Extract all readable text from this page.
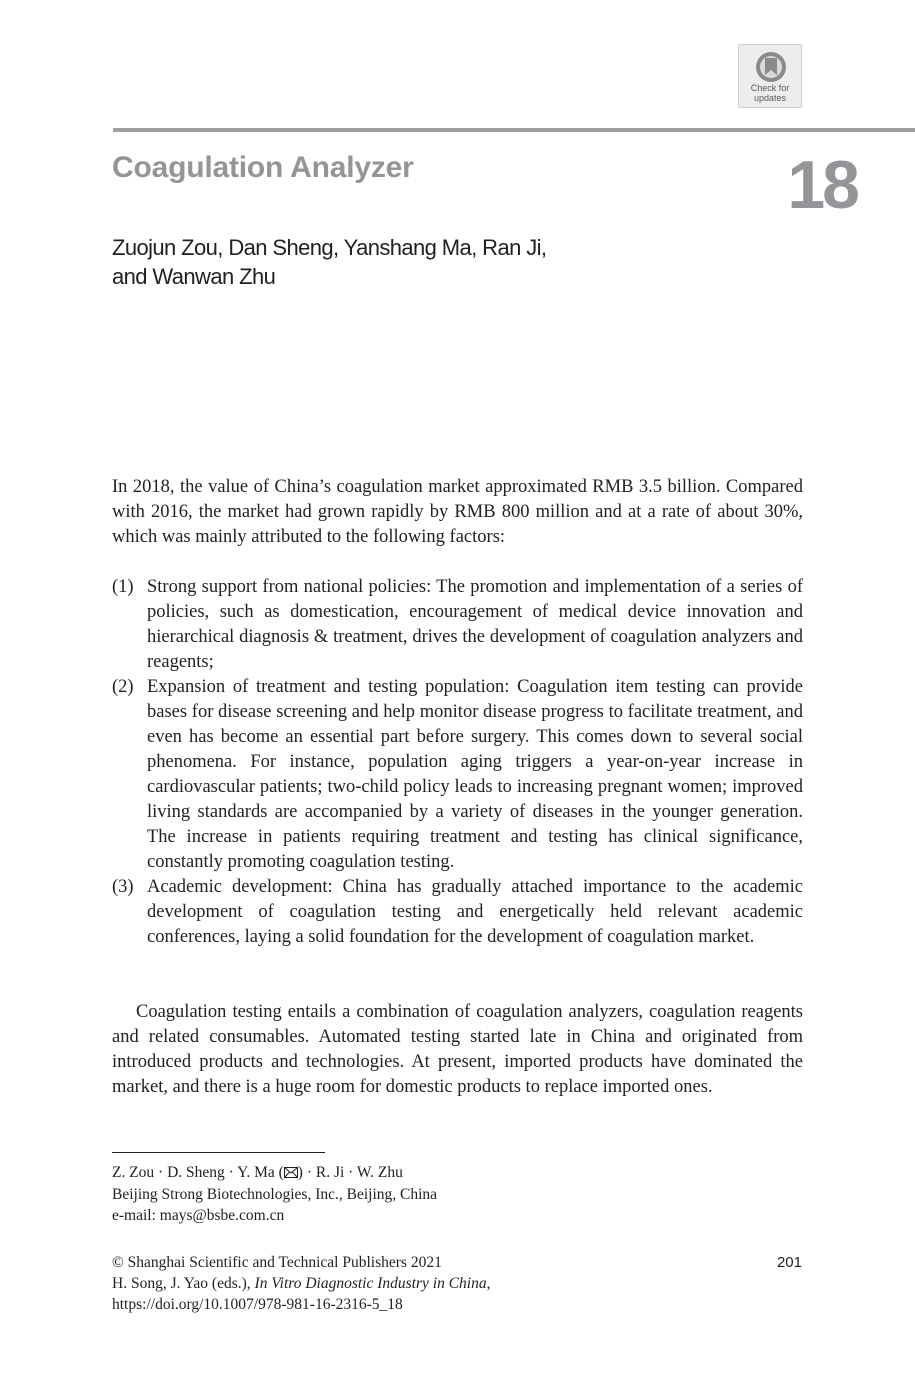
Check for
updates
Coagulation Analyzer	18
Zuojun Zou, Dan Sheng, Yanshang Ma, Ran Ji,
and Wanwan Zhu

In 2018, the value of China’s coagulation market approximated RMB 3.5 billion. Compared with 2016, the market had grown rapidly by RMB 800 million and at a rate of about 30%, which was mainly attributed to the following factors:

(1) Strong support from national policies: The promotion and implementation of a series of policies, such as domestication, encouragement of medical device innovation and hierarchical diagnosis & treatment, drives the development of coagulation analyzers and reagents;
(2) Expansion of treatment and testing population: Coagulation item testing can provide bases for disease screening and help monitor disease progress to facilitate treatment, and even has become an essential part before surgery. This comes down to several social phenomena. For instance, population aging triggers a year-on-year increase in cardiovascular patients; two-child policy leads to increasing pregnant women; improved living standards are accompanied by a variety of diseases in the younger generation. The increase in patients requiring treatment and testing has clinical significance, constantly promoting coagulation testing.
(3) Academic development: China has gradually attached importance to the academic development of coagulation testing and energetically held relevant academic conferences, laying a solid foundation for the development of coagulation market.

Coagulation testing entails a combination of coagulation analyzers, coagulation reagents and related consumables. Automated testing started late in China and originated from introduced products and technologies. At present, imported products have dominated the market, and there is a huge room for domestic products to replace imported ones.

Z. Zou · D. Sheng · Y. Ma ( ) · R. Ji · W. Zhu
Beijing Strong Biotechnologies, Inc., Beijing, China
e-mail: mays@bsbe.com.cn
© Shanghai Scientific and Technical Publishers 2021
H. Song, J. Yao (eds.), In Vitro Diagnostic Industry in China,
https://doi.org/10.1007/978-981-16-2316-5_18
201
